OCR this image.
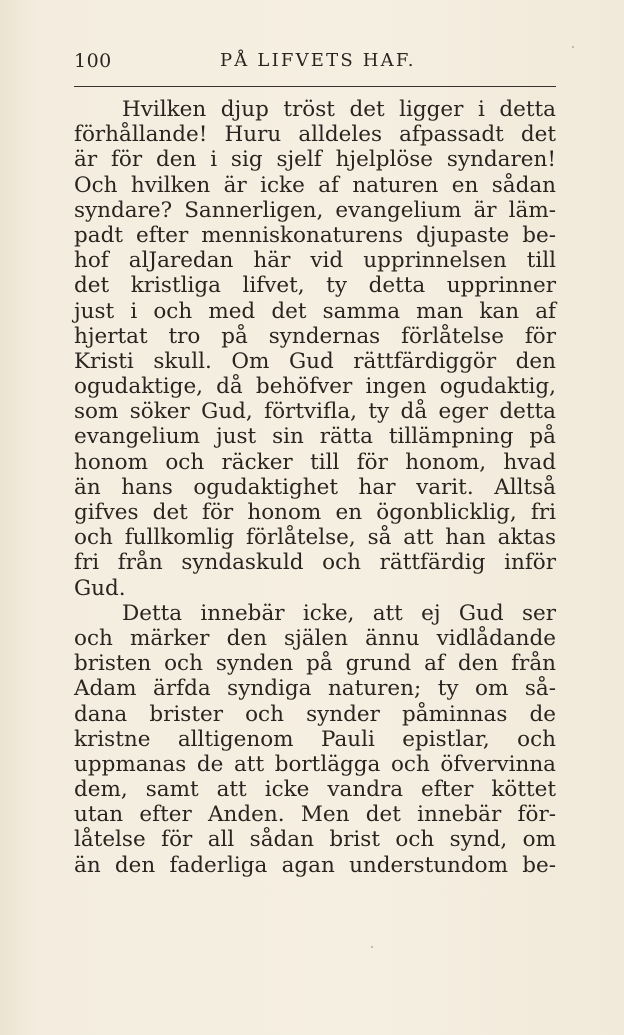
100	PÅ LIFVETS HAF.
Hvilken djup tröst det ligger i detta
förhållande! Huru alldeles afpassadt det
är för den i sig sjelf hjelplöse syndaren!
Och hvilken är icke af naturen en sådan
syndare? Sannerligen, evangelium är läm-
padt efter menniskonaturens djupaste be-
hof alJaredan här vid upprinnelsen till
det kristliga lifvet, ty detta upprinner
just i och med det samma man kan af
hjertat tro på syndernas förlåtelse för
Kristi skull. Om Gud rättfärdiggör den
ogudaktige, då behöfver ingen ogudaktig,
som söker Gud, förtvifla, ty då eger detta
evangelium just sin rätta tillämpning på
honom och räcker till för honom, hvad
än hans ogudaktighet har varit. Alltså
gifves det för honom en ögonblicklig, fri
och fullkomlig förlåtelse, så att han aktas
fri från syndaskuld och rättfärdig inför
Gud.
Detta innebär icke, att ej Gud ser
och märker den själen ännu vidlådande
bristen och synden på grund af den från
Adam ärfda syndiga naturen; ty om så-
dana brister och synder påminnas de
kristne alltigenom Pauli epistlar, och
uppmanas de att bortlägga och öfvervinna
dem, samt att icke vandra efter köttet
utan efter Anden. Men det innebär för-
låtelse för all sådan brist och synd, om
än den faderliga agan understundom be-
